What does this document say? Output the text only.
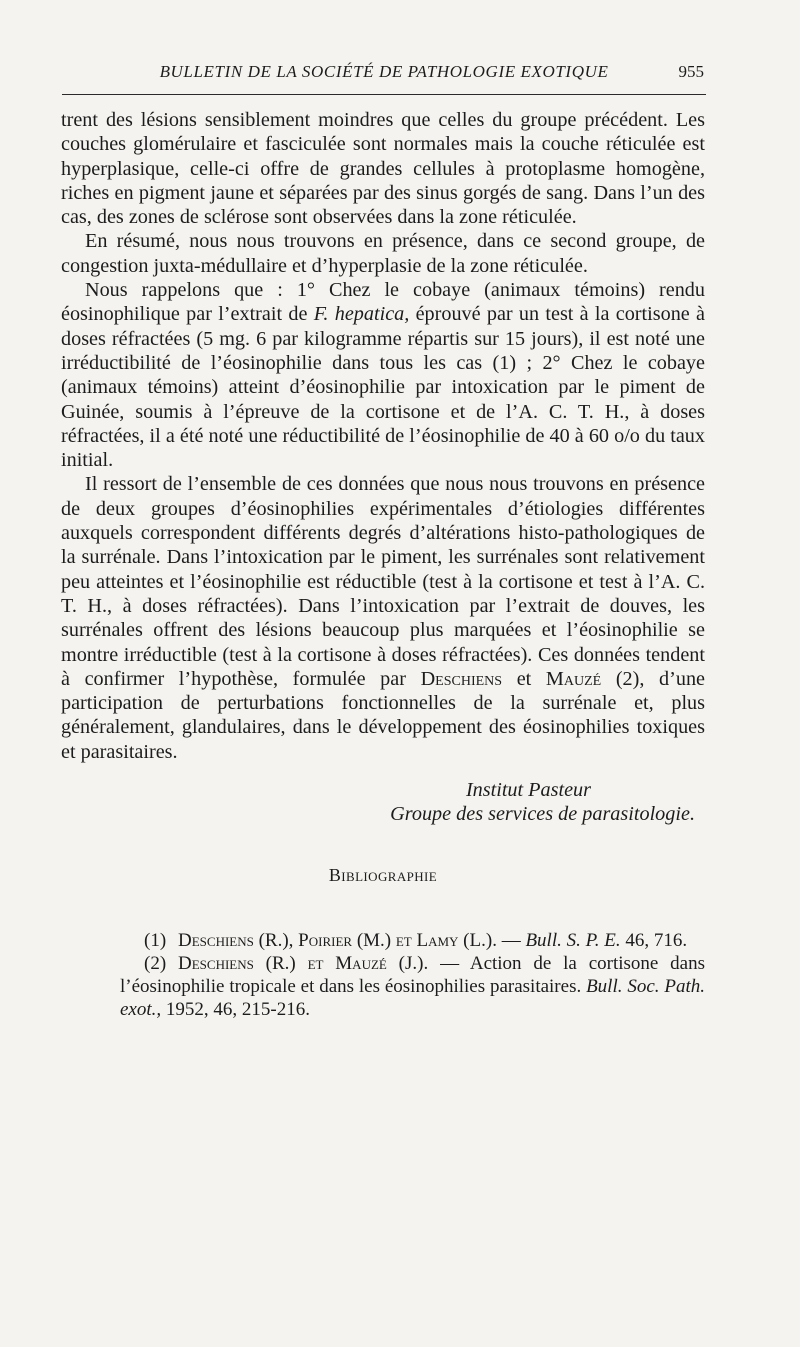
BULLETIN DE LA SOCIÉTÉ DE PATHOLOGIE EXOTIQUE	955

trent des lésions sensiblement moindres que celles du groupe précédent. Les couches glomérulaire et fasciculée sont normales mais la couche réticulée est hyperplasique, celle-ci offre de grandes cellules à protoplasme homogène, riches en pigment jaune et séparées par des sinus gorgés de sang. Dans l’un des cas, des zones de sclérose sont observées dans la zone réticulée.

En résumé, nous nous trouvons en présence, dans ce second groupe, de congestion juxta-médullaire et d’hyperplasie de la zone réticulée.

Nous rappelons que : 1° Chez le cobaye (animaux témoins) rendu éosinophilique par l’extrait de F. hepatica, éprouvé par un test à la cortisone à doses réfractées (5 mg. 6 par kilogramme répartis sur 15 jours), il est noté une irréductibilité de l’éosinophilie dans tous les cas (1) ; 2° Chez le cobaye (animaux témoins) atteint d’éosinophilie par intoxication par le piment de Guinée, soumis à l’épreuve de la cortisone et de l’A. C. T. H., à doses réfractées, il a été noté une réductibilité de l’éosinophilie de 40 à 60 o/o du taux initial.

Il ressort de l’ensemble de ces données que nous nous trouvons en présence de deux groupes d’éosinophilies expérimentales d’étiologies différentes auxquels correspondent différents degrés d’altérations histo-pathologiques de la surrénale. Dans l’intoxication par le piment, les surrénales sont relativement peu atteintes et l’éosinophilie est réductible (test à la cortisone et test à l’A. C. T. H., à doses réfractées). Dans l’intoxication par l’extrait de douves, les surrénales offrent des lésions beaucoup plus marquées et l’éosinophilie se montre irréductible (test à la cortisone à doses réfractées). Ces données tendent à confirmer l’hypothèse, formulée par Deschiens et Mauzé (2), d’une participation de perturbations fonctionnelles de la surrénale et, plus généralement, glandulaires, dans le développement des éosinophilies toxiques et parasitaires.

Institut Pasteur
Groupe des services de parasitologie.
Bibliographie

(1) Deschiens (R.), Poirier (M.) et Lamy (L.). — Bull. S. P. E. 46, 716.

(2) Deschiens (R.) et Mauzé (J.). — Action de la cortisone dans l’éosinophilie tropicale et dans les éosinophilies parasitaires. Bull. Soc. Path. exot., 1952, 46, 215-216.
